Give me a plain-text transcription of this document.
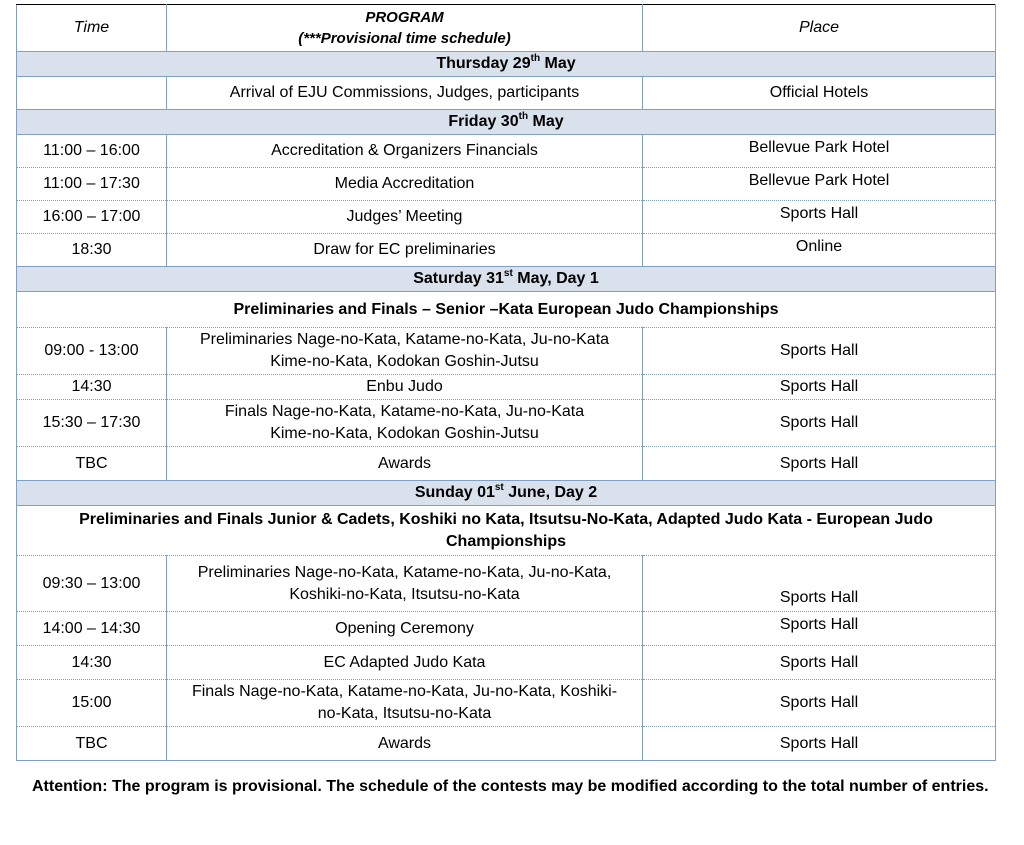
Time	PROGRAM
(***Provisional time schedule)	Place
Thursday 29th May		
	Arrival of EJU Commissions, Judges, participants	Official Hotels
Friday 30th May		
11:00 – 16:00	Accreditation & Organizers Financials	Bellevue Park Hotel
11:00 – 17:30	Media Accreditation	Bellevue Park Hotel
16:00 – 17:00	Judges’ Meeting	Sports Hall
18:30	Draw for EC preliminaries	Online
Saturday 31st May, Day 1		
Preliminaries and Finals – Senior –Kata European Judo Championships		
09:00 - 13:00	Preliminaries Nage-no-Kata, Katame-no-Kata, Ju-no-Kata
Kime-no-Kata, Kodokan Goshin-Jutsu	Sports Hall
14:30	Enbu Judo	Sports Hall
15:30 – 17:30	Finals Nage-no-Kata, Katame-no-Kata, Ju-no-Kata
Kime-no-Kata, Kodokan Goshin-Jutsu	Sports Hall
TBC	Awards	Sports Hall
Sunday 01st June, Day 2		

Preliminaries and Finals Junior & Cadets, Koshiki no Kata, Itsutsu-No-Kata, Adapted Judo Kata - European Judo
Championships		

09:30 – 13:00	Preliminaries Nage-no-Kata, Katame-no-Kata, Ju-no-Kata,
Koshiki-no-Kata, Itsutsu-no-Kata	Sports Hall
14:00 – 14:30	Opening Ceremony	Sports Hall
14:30	EC Adapted Judo Kata	Sports Hall
15:00	Finals Nage-no-Kata, Katame-no-Kata, Ju-no-Kata, Koshiki-
no-Kata, Itsutsu-no-Kata	Sports Hall
TBC	Awards	Sports Hall
Attention: The program is provisional. The schedule of the contests may be modified according to the total number of entries.
